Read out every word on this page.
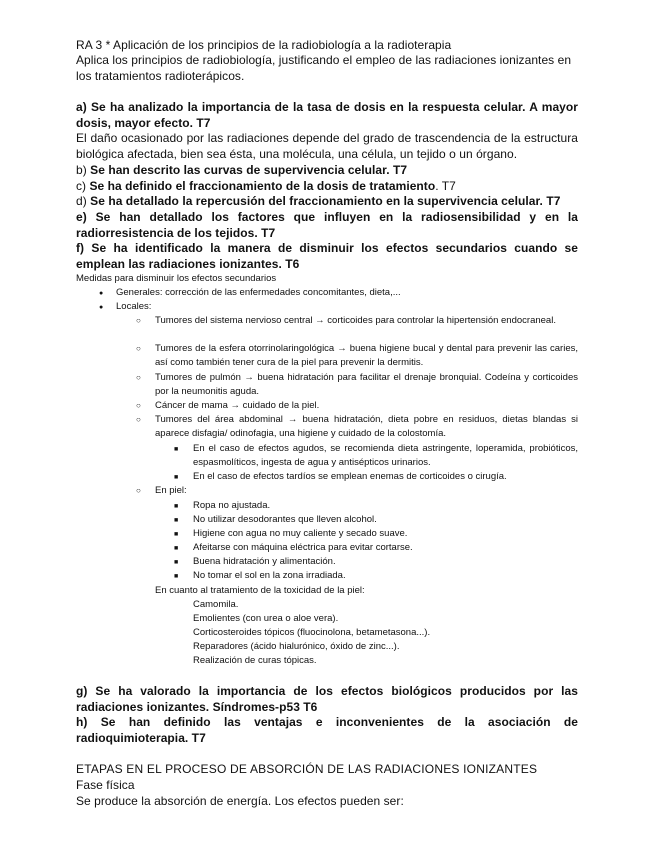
RA 3 * Aplicación de los principios de la radiobiología a la radioterapia

Aplica los principios de radiobiología, justificando el empleo de las radiaciones ionizantes en los tratamientos radioterápicos.

a) Se ha analizado la importancia de la tasa de dosis en la respuesta celular. A mayor dosis, mayor efecto. T7

El daño ocasionado por las radiaciones depende del grado de trascendencia de la estructura biológica afectada, bien sea ésta, una molécula, una célula, un tejido o un órgano.

b) Se han descrito las curvas de supervivencia celular. T7

c) Se ha definido el fraccionamiento de la dosis de tratamiento. T7

d) Se ha detallado la repercusión del fraccionamiento en la supervivencia celular. T7

e) Se han detallado los factores que influyen en la radiosensibilidad y en la radiorresistencia de los tejidos. T7

f) Se ha identificado la manera de disminuir los efectos secundarios cuando se emplean las radiaciones ionizantes. T6

Medidas para disminuir los efectos secundarios

●

Generales: corrección de las enfermedades concomitantes, dieta,...

●

Locales:

○

Tumores del sistema nervioso central → corticoides para controlar la hipertensión endocraneal.

○

Tumores de la esfera otorrinolaringológica → buena higiene bucal y dental para prevenir las caries, así como también tener cura de la piel para prevenir la dermitis.

○

Tumores de pulmón → buena hidratación para facilitar el drenaje bronquial. Codeína y corticoides por la neumonitis aguda.

○

Cáncer de mama → cuidado de la piel.

○

Tumores del área abdominal → buena hidratación, dieta pobre en residuos, dietas blandas si aparece disfagia/ odinofagia, una higiene y cuidado de la colostomía.

■

En el caso de efectos agudos, se recomienda dieta astringente, loperamida, probióticos, espasmolíticos, ingesta de agua y antisépticos urinarios.

■

En el caso de efectos tardíos se emplean enemas de corticoides o cirugía.

○

En piel:

■

Ropa no ajustada.

■

No utilizar desodorantes que lleven alcohol.

■

Higiene con agua no muy caliente y secado suave.

■

Afeitarse con máquina eléctrica para evitar cortarse.

■

Buena hidratación y alimentación.

■

No tomar el sol en la zona irradiada.

En cuanto al tratamiento de la toxicidad de la piel:

Camomila.

Emolientes (con urea o aloe vera).

Corticosteroides tópicos (fluocinolona, betametasona...).

Reparadores (ácido hialurónico, óxido de zinc...).

Realización de curas tópicas.

g) Se ha valorado la importancia de los efectos biológicos producidos por las radiaciones ionizantes. Síndromes-p53 T6

h) Se han definido las ventajas e inconvenientes de la asociación de radioquimioterapia. T7

ETAPAS EN EL PROCESO DE ABSORCIÓN DE LAS RADIACIONES IONIZANTES

Fase física

Se produce la absorción de energía. Los efectos pueden ser:
